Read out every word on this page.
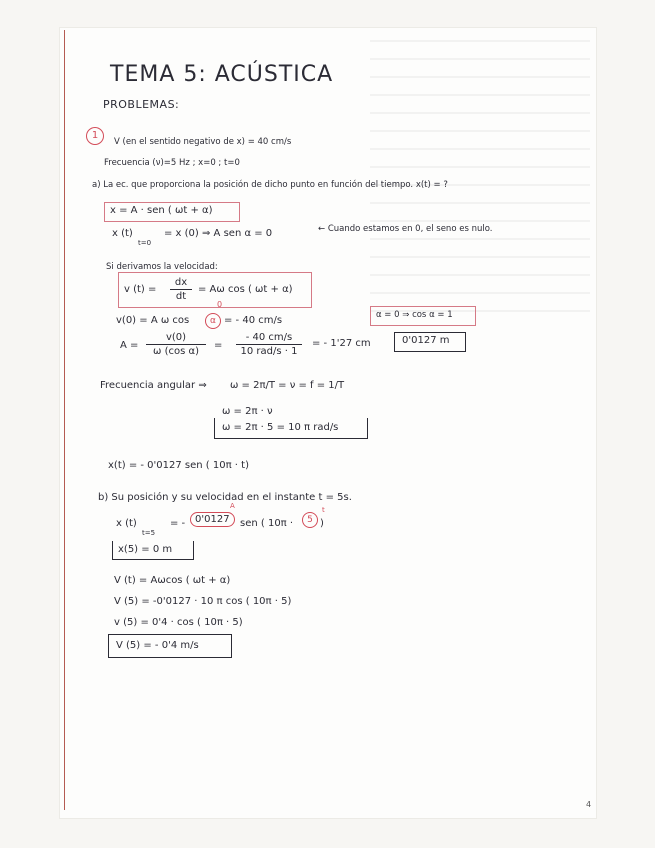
TEMA 5: ACÚSTICA
PROBLEMAS:
1
V (en el sentido negativo de x) = 40 cm/s
Frecuencia (ν)=5 Hz ; x=0 ; t=0
a) La ec. que proporciona la posición de dicho punto en función del tiempo. x(t) = ?
x = A · sen ( ωt + α)
x (t)
t=0
= x (0) ⇒ A sen α = 0	← Cuando estamos en 0, el seno es nulo.
Si derivamos la velocidad:
v (t) =
dx
dt
= Aω cos ( ωt + α)
0
v(0) = A ω cos	α = - 40 cm/s	α = 0 ⇒ cos α = 1
A =
v(0)
ω (cos α)
=
- 40 cm/s
10 rad/s · 1
= - 1'27 cm	0'0127 m
Frecuencia angular ⇒ ω = 2π/T = ν = f = 1/T
ω = 2π · ν
ω = 2π · 5 = 10 π rad/s
x(t) = - 0'0127 sen ( 10π · t)
b) Su posición y su velocidad en el instante t = 5s.
A	t
x (t)
t=5
= - 0'0127	sen ( 10π ·	5 )
x(5) = 0 m
V (t) = Aωcos ( ωt + α)
V (5) = -0'0127 · 10 π cos ( 10π · 5)
v (5) = 0'4 · cos ( 10π · 5)
V (5) = - 0'4 m/s
4
